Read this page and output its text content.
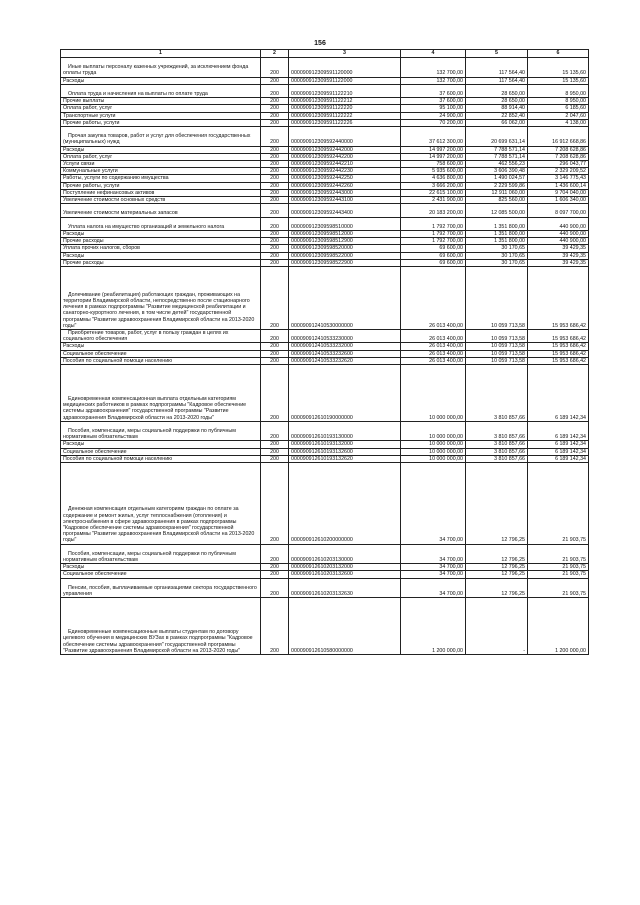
156
1	2	3	4	5	6
Иные выплаты персоналу казенных учреждений, за исключением фонда оплаты труда	200	000090912309591120000	132 700,00	117 564,40	15 135,60
Расходы	200	000090912309591122000	132 700,00	117 564,40	15 135,60
Оплата труда и начисления на выплаты по оплате труда	200	000090912309591122210	37 600,00	28 650,00	8 950,00
Прочие выплаты	200	000090912309591122212	37 600,00	28 650,00	8 950,00
Оплата работ, услуг	200	000090912309591122220	95 100,00	88 914,40	6 185,60
Транспортные услуги	200	000090912309591122222	24 900,00	22 852,40	2 047,60
Прочие работы, услуги	200	000090912309591122226	70 200,00	66 062,00	4 138,00
Прочая закупка товаров, работ и услуг для обеспечения государственных (муниципальных) нужд	200	000090912309592440000	37 612 300,00	20 699 631,14	16 912 668,86
Расходы	200	000090912309592442000	14 997 200,00	7 788 571,14	7 208 628,86
Оплата работ, услуг	200	000090912309592442200	14 997 200,00	7 788 571,14	7 208 628,86
Услуги связи	200	000090912309592442210	758 600,00	462 556,23	296 043,77
Коммунальные услуги	200	000090912309592442230	5 935 600,00	3 606 390,48	2 329 209,52
Работы, услуги по содержанию имущества	200	000090912309592442250	4 636 800,00	1 490 024,57	3 146 775,43
Прочие работы, услуги	200	000090912309592442260	3 666 200,00	2 229 599,86	1 436 600,14
Поступление нефинансовых активов	200	000090912309592443000	22 615 100,00	12 911 060,00	9 704 040,00
Увеличение стоимости основных средств	200	000090912309592443100	2 431 900,00	825 560,00	1 606 340,00
Увеличение стоимости материальных запасов	200	000090912309592443400	20 183 200,00	12 085 500,00	8 097 700,00
Уплата налога на имущество организаций и земельного налога	200	000090912309598510000	1 792 700,00	1 351 800,00	440 900,00
Расходы	200	000090912309598512000	1 792 700,00	1 351 800,00	440 900,00
Прочие расходы	200	000090912309598512900	1 792 700,00	1 351 800,00	440 900,00
Уплата прочих налогов, сборов	200	000090912309598520000	69 600,00	30 170,65	39 429,35
Расходы	200	000090912309598522000	69 600,00	30 170,65	39 429,35
Прочие расходы	200	000090912309598522900	69 600,00	30 170,65	39 429,35
Долечивание (реабилитация) работающих граждан, проживающих на территории Владимирской области, непосредственно после стационарного лечения в рамках подпрограммы "Развитие медицинской реабилитации и санаторно-курортного лечения, в том числе детей" государственной программы "Развитие здравоохранения Владимирской области на 2013-2020 годы"	200	000090912410530000000	26 013 400,00	10 059 713,58	15 953 686,42
Приобретение товаров, работ, услуг в пользу граждан в целях их социального обеспечения	200	000090912410533230000	26 013 400,00	10 059 713,58	15 953 686,42
Расходы	200	000090912410533232000	26 013 400,00	10 059 713,58	15 953 686,42
Социальное обеспечение	200	000090912410533232600	26 013 400,00	10 059 713,58	15 953 686,42
Пособия по социальной помощи населению	200	000090912410533232620	26 013 400,00	10 059 713,58	15 953 686,42
Единовременная компенсационная выплата отдельным категориям медицинских работников в рамках подпрограммы "Кадровое обеспечение системы здравоохранения" государственной программы "Развитие здравоохранения Владимирской области на 2013-2020 годы"	200	000090912610190000000	10 000 000,00	3 810 857,66	6 189 142,34
Пособия, компенсации, меры социальной поддержки по публичным нормативным обязательствам	200	000090912610193130000	10 000 000,00	3 810 857,66	6 189 142,34
Расходы	200	000090912610193132000	10 000 000,00	3 810 857,66	6 189 142,34
Социальное обеспечение	200	000090912610193132600	10 000 000,00	3 810 857,66	6 189 142,34
Пособия по социальной помощи населению	200	000090912610193132620	10 000 000,00	3 810 857,66	6 189 142,34
Денежная компенсация отдельным категориям граждан по оплате за содержание и ремонт жилья, услуг теплоснабжения (отопления) и электроснабжения в сфере здравоохранения в рамках подпрограммы "Кадровое обеспечение системы здравоохранения" государственной программы "Развитие здравоохранения Владимирской области на 2013-2020 годы"	200	000090912610200000000	34 700,00	12 796,25	21 903,75
Пособия, компенсации, меры социальной поддержки по публичным нормативным обязательствам	200	000090912610203130000	34 700,00	12 796,25	21 903,75
Расходы	200	000090912610203132000	34 700,00	12 796,25	21 903,75
Социальное обеспечение	200	000090912610203132600	34 700,00	12 796,25	21 903,75
Пенсии, пособия, выплачиваемые организациями сектора государственного управления	200	000090912610203132630	34 700,00	12 796,25	21 903,75
Единовременные компенсационные выплаты студентам по договору целевого обучения в медицинских ВУЗах в рамках подпрограммы "Кадровое обеспечение системы здравоохранения" государственной программы "Развитие здравоохранения Владимирской области на 2013-2020 годы"	200	000090912610580000000	1 200 000,00	-	1 200 000,00
